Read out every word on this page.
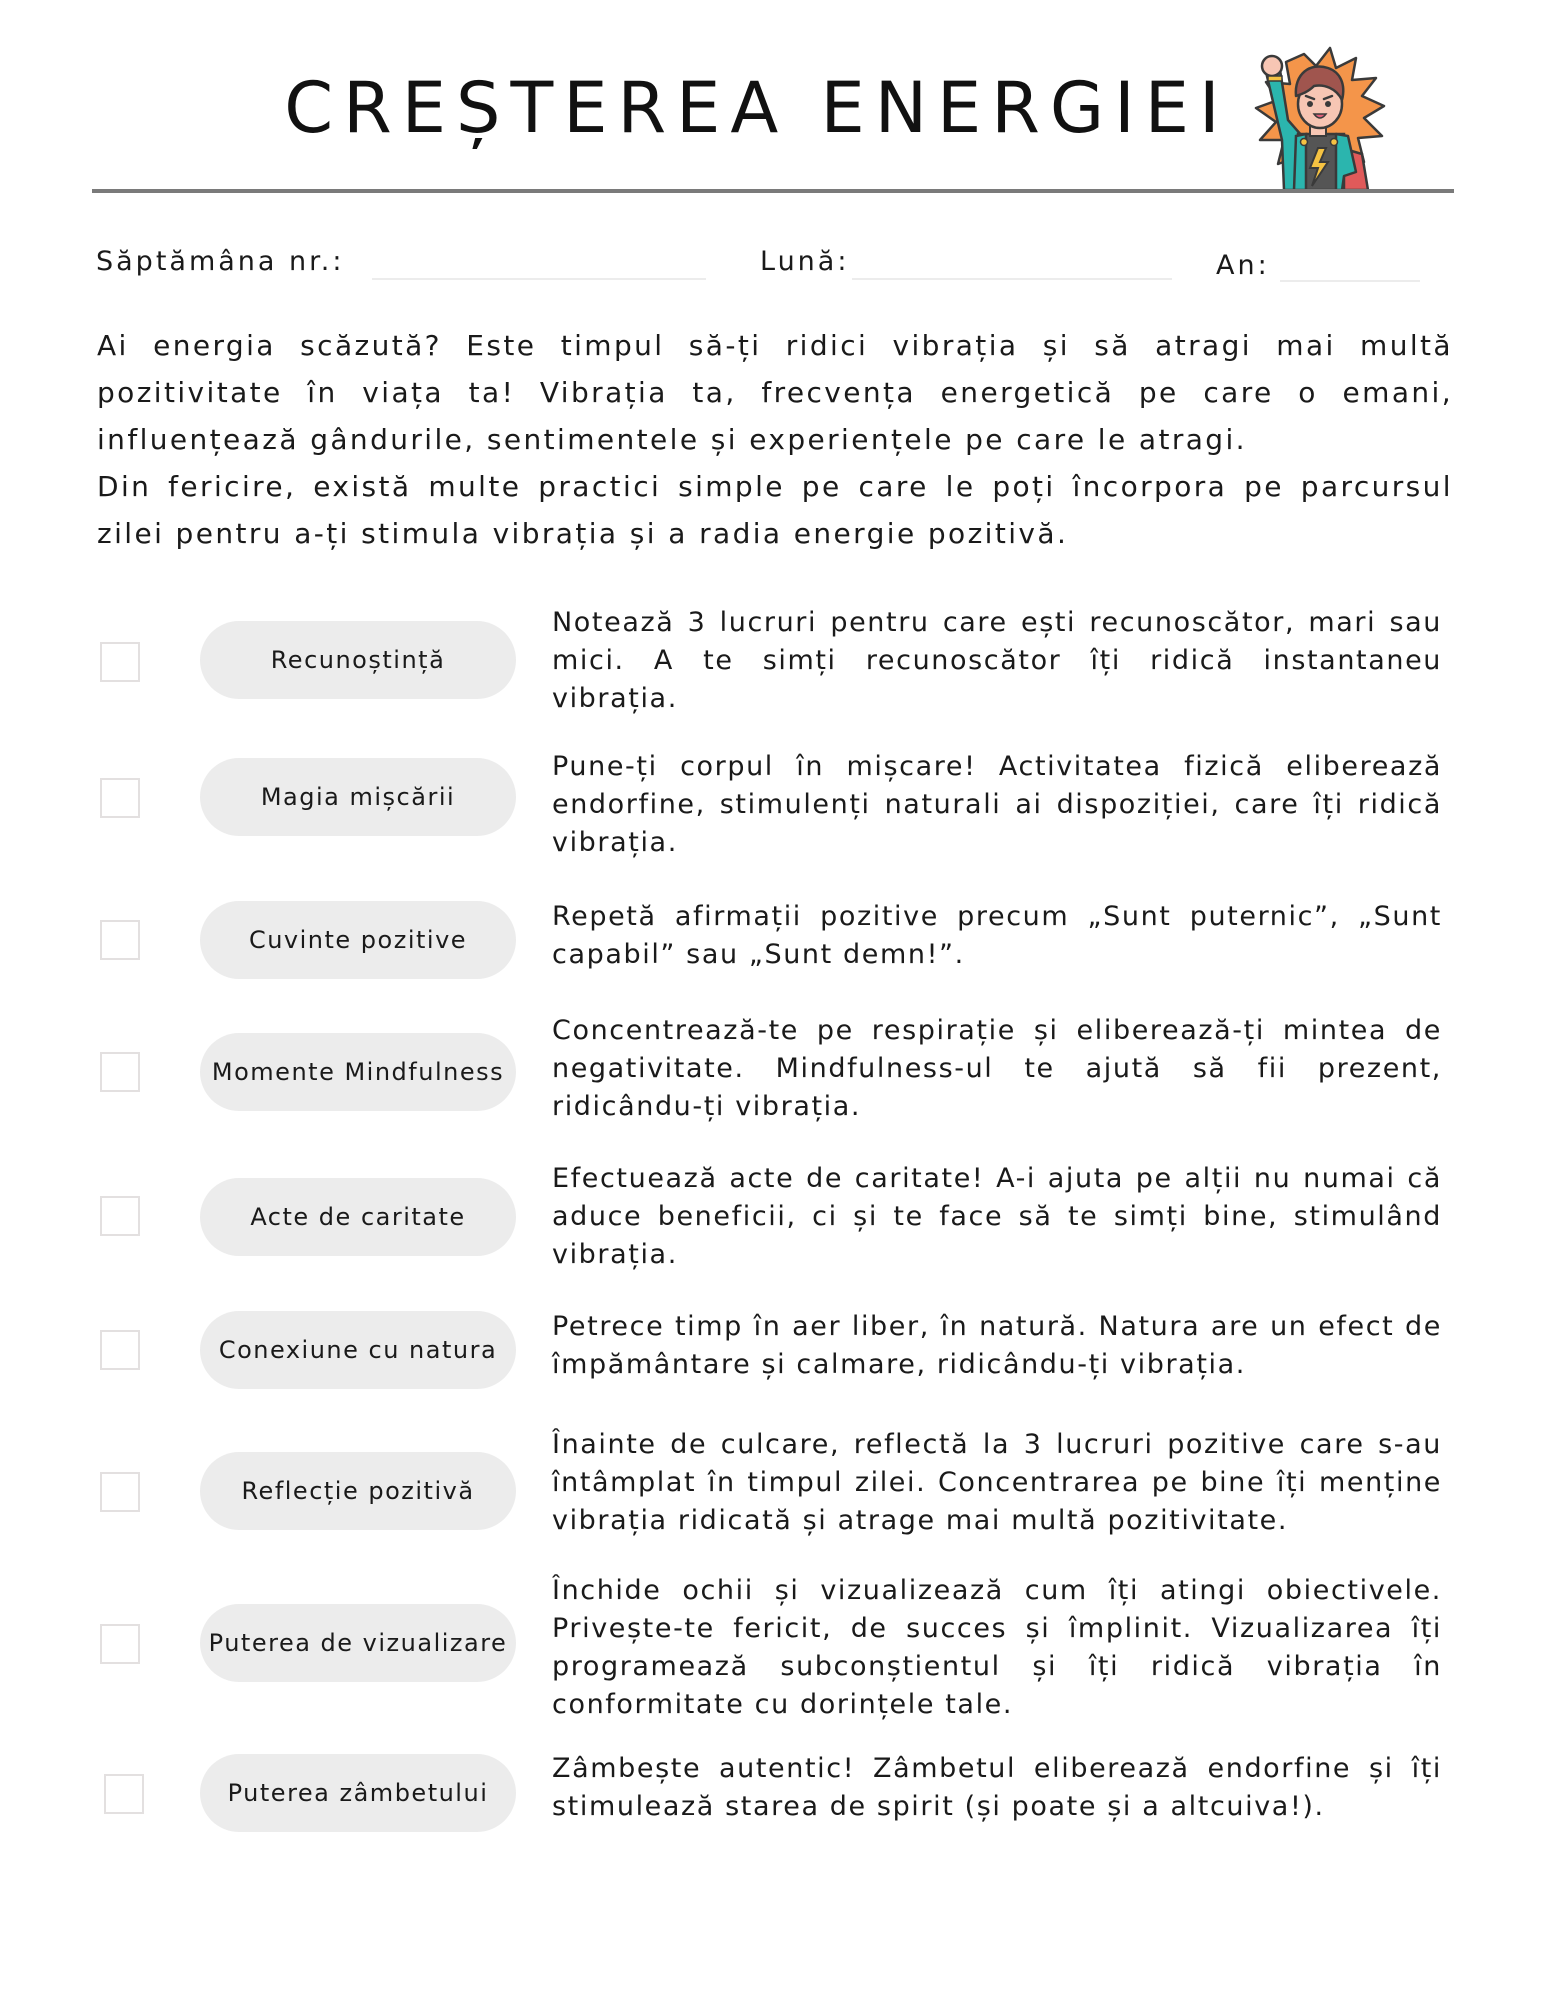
CREȘTEREA ENERGIEI
Săptămâna nr.:	Lună:	An:

Ai energia scăzută? Este timpul să-ți ridici vibrația și să atragi mai multă pozitivitate în viața ta! Vibrația ta, frecvența energetică pe care o emani, influențează gândurile, sentimentele și experiențele pe care le atragi.

Din fericire, există multe practici simple pe care le poți încorpora pe parcursul zilei pentru a-ți stimula vibrația și a radia energie pozitivă.

Recunoștință

Notează 3 lucruri pentru care ești recunoscător, mari sau mici. A te simți recunoscător îți ridică instantaneu vibrația.

Magia mișcării

Pune-ți corpul în mișcare! Activitatea fizică eliberează endorfine, stimulenți naturali ai dispoziției, care îți ridică vibrația.

Cuvinte pozitive

Repetă afirmații pozitive precum „Sunt puternic”, „Sunt capabil” sau „Sunt demn!”.

Momente Mindfulness

Concentrează-te pe respirație și eliberează-ți mintea de negativitate. Mindfulness-ul te ajută să fii prezent, ridicându-ți vibrația.

Acte de caritate

Efectuează acte de caritate! A-i ajuta pe alții nu numai că aduce beneficii, ci și te face să te simți bine, stimulând vibrația.

Conexiune cu natura

Petrece timp în aer liber, în natură. Natura are un efect de împământare și calmare, ridicându-ți vibrația.

Reflecție pozitivă

Înainte de culcare, reflectă la 3 lucruri pozitive care s-au întâmplat în timpul zilei. Concentrarea pe bine îți menține vibrația ridicată și atrage mai multă pozitivitate.

Puterea de vizualizare

Închide ochii și vizualizează cum îți atingi obiectivele. Privește-te fericit, de succes și împlinit. Vizualizarea îți programează subconștientul și îți ridică vibrația în conformitate cu dorințele tale.

Puterea zâmbetului

Zâmbește autentic! Zâmbetul eliberează endorfine și îți stimulează starea de spirit (și poate și a altcuiva!).
